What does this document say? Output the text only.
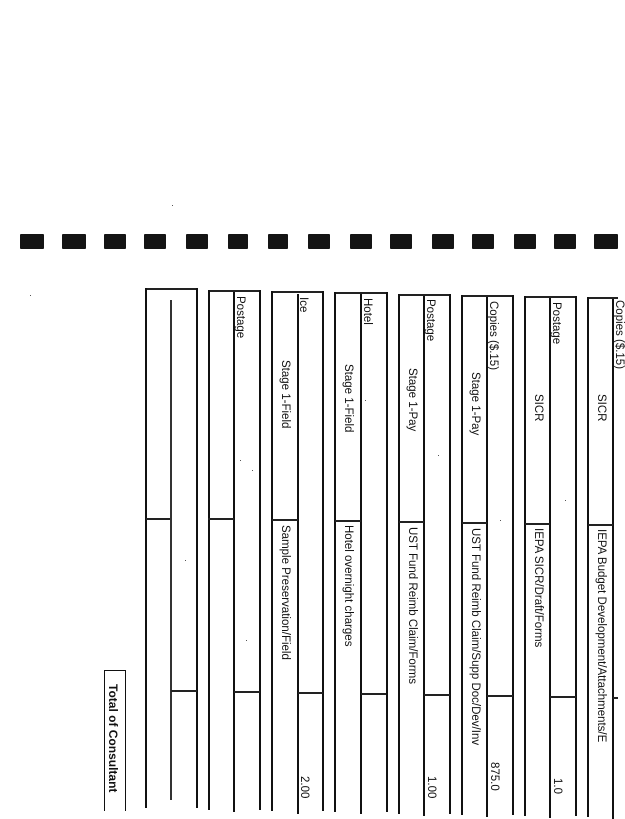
Postage	Ice
Stage 1-Field
Sample Preservation/Field
2.00
Hotel
Stage 1-Field
Hotel overnight charges
Postage
Stage 1-Pay
UST Fund Reimb Claim/Forms
1.00
Copies ($.15)
Stage 1-Pay
UST Fund Reimb Claim/Supp Doc/Dev/Inv
875.0
Postage
SICR
IEPA SICR/Draft/Forms
1.0
Copies ($.15)
SICR
IEPA Budget Development/Attachments/E
Total of Consultant
